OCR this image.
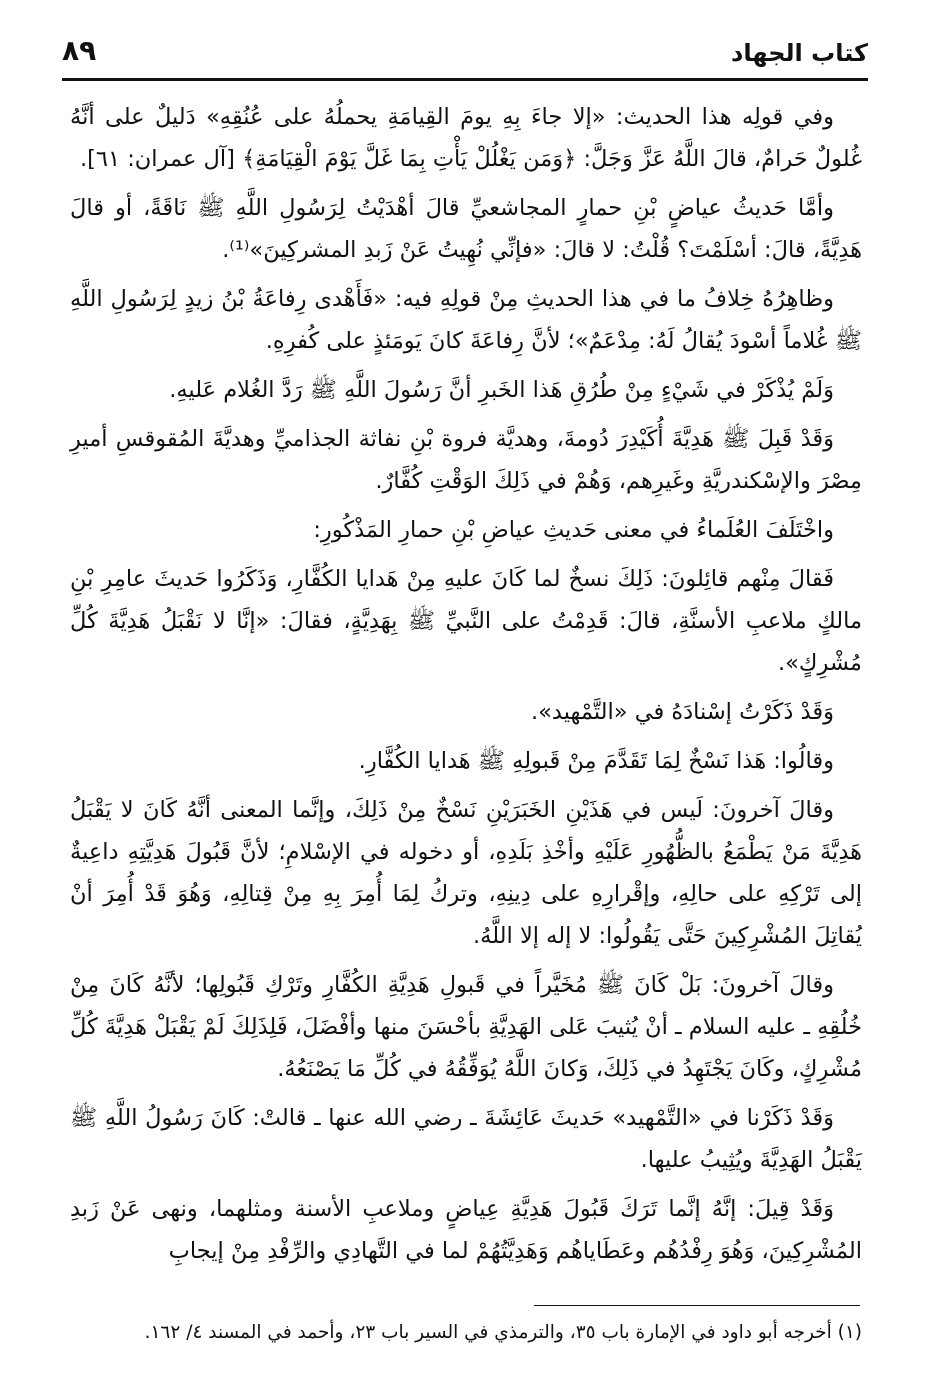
كتاب الجهاد
٨٩

وفي قولِه هذا الحديث: «إلا جاءَ بِهِ يومَ القِيامَةِ يحملُهُ على عُنُقِهِ» دَليلٌ على أنَّهُ غُلولٌ حَرامٌ، قالَ اللَّهُ عَزَّ وَجَلَّ: ﴿وَمَن يَغْلُلْ يَأْتِ بِمَا غَلَّ يَوْمَ الْقِيَامَةِ﴾ [آل عمران: ٦١].

وأمَّا حَديثُ عياضٍ بْنِ حمارٍ المجاشعيِّ قالَ أهْدَيْتُ لِرَسُولِ اللَّهِ ﷺ نَاقَةً، أو قالَ هَدِيَّةً، قالَ: أسْلَمْتَ؟ قُلْتُ: لا قالَ: «فإنِّي نُهِيتُ عَنْ زَبدِ المشركِينَ»⁽¹⁾.

وظاهِرُهُ خِلافُ ما في هذا الحديثِ مِنْ قولِهِ فيه: «فَأَهْدى رِفاعَةُ بْنُ زيدٍ لِرَسُولِ اللَّهِ ﷺ غُلاماً أسْودَ يُقالُ لَهُ: مِدْعَمٌ»؛ لأنَّ رِفاعَةَ كانَ يَومَئذٍ على كُفرِهِ.

وَلَمْ يُذْكَرْ في شَيْءٍ مِنْ طُرُقِ هَذا الخَبرِ أنَّ رَسُولَ اللَّهِ ﷺ رَدَّ الغُلام عَليهِ.

وَقَدْ قَبِلَ ﷺ هَدِيَّةَ أُكَيْدِرَ دُومةَ، وهديَّة فروة بْنِ نفاثة الجذاميِّ وهديَّةَ المُقوقسِ أميرِ مِصْرَ والإسْكندريَّةِ وغَيرِهم، وَهُمْ في ذَلِكَ الوَقْتِ كُفَّارٌ.

واخْتَلَفَ العُلَماءُ في معنى حَديثِ عياضِ بْنِ حمارِ المَذْكُورِ:

فَقالَ مِنْهم قائِلونَ: ذَلِكَ نسخٌ لما كَانَ عليهِ مِنْ هَدايا الكُفَّارِ، وَذَكَرُوا حَديثَ عامِرِ بْنِ مالكٍ ملاعبِ الأسنَّةِ، قالَ: قَدِمْتُ على النَّبيِّ ﷺ بِهَدِيَّةٍ، فقالَ: «إنَّا لا نَقْبَلُ هَدِيَّةَ كُلِّ مُشْرِكٍ».

وَقَدْ ذَكَرْتُ إسْنادَهُ في «التَّمْهيد».

وقالُوا: هَذا نَسْخٌ لِمَا تَقَدَّمَ مِنْ قَبولِهِ ﷺ هَدايا الكُفَّارِ.

وقالَ آخرونَ: لَيس في هَذَيْنِ الخَبَرَيْنِ نَسْخٌ مِنْ ذَلِكَ، وإنَّما المعنى أنَّهُ كَانَ لا يَقْبَلُ هَدِيَّةَ مَنْ يَطْمَعُ بالظُّهُورِ عَلَيْهِ وأخْذِ بَلَدِهِ، أو دخوله في الإسْلامِ؛ لأنَّ قَبُولَ هَدِيَّتِهِ داعِيةٌ إلى تَرْكِهِ على حالِهِ، وإقْرارِهِ على دِينِهِ، وتركُ لِمَا أُمِرَ بِهِ مِنْ قِتالِهِ، وَهُوَ قَدْ أُمِرَ أنْ يُقاتِلَ المُشْرِكِينَ حَتَّى يَقُولُوا: لا إله إلا اللَّهُ.

وقالَ آخرونَ: بَلْ كَانَ ﷺ مُخَيَّراً في قَبولِ هَدِيَّةِ الكُفَّارِ وتَرْكِ قَبُولِها؛ لأنَّهُ كَانَ مِنْ خُلُقِهِ ـ عليه السلام ـ أنْ يُثيبَ عَلى الهَدِيَّةِ بأحْسَنَ منها وأفْضَلَ، فَلِذَلِكَ لَمْ يَقْبَلْ هَدِيَّةَ كُلِّ مُشْرِكٍ، وكَانَ يَجْتَهِدُ في ذَلِكَ، وَكانَ اللَّهُ يُوَفِّقُهُ في كُلِّ مَا يَصْنَعُهُ.

وَقَدْ ذَكَرْنا في «التَّمْهيد» حَديثَ عَائِشَةَ ـ رضي الله عنها ـ قالتْ: كَانَ رَسُولُ اللَّهِ ﷺ يَقْبَلُ الهَدِيَّةَ ويُثِيبُ عليها.

وَقَدْ قِيلَ: إنَّهُ إنَّما تَرَكَ قَبُولَ هَدِيَّةِ عِياضٍ وملاعبِ الأسنة ومثلهما، ونهى عَنْ زَبدِ المُشْرِكِينَ، وَهُوَ رِفْدُهُم وعَطَاياهُم وَهَدِيَّتُهُمْ لما في التَّهادِي والرِّفْدِ مِنْ إيجابِ

(١) أخرجه أبو داود في الإمارة باب ٣٥، والترمذي في السير باب ٢٣، وأحمد في المسند ٤/ ١٦٢.
